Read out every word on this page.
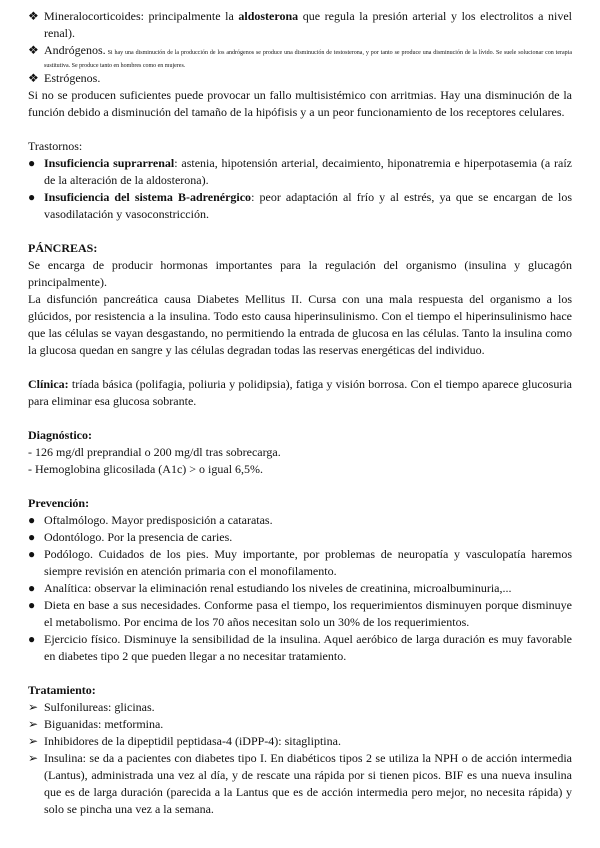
❖ Mineralocorticoides: principalmente la aldosterona que regula la presión arterial y los electrolitos a nivel renal).
❖ Andrógenos. Si hay una disminución de la producción de los andrógenos se produce una disminución de testosterona, y por tanto se produce una disminución de la lívido. Se suele solucionar con terapia sustitutiva. Se produce tanto en hombres como en mujeres.
❖ Estrógenos.

Si no se producen suficientes puede provocar un fallo multisistémico con arritmias. Hay una disminución de la función debido a disminución del tamaño de la hipófisis y a un peor funcionamiento de los receptores celulares.

Trastornos:

● Insuficiencia suprarrenal: astenia, hipotensión arterial, decaimiento, hiponatremia e hiperpotasemia (a raíz de la alteración de la aldosterona).
● Insuficiencia del sistema B-adrenérgico: peor adaptación al frío y al estrés, ya que se encargan de los vasodilatación y vasoconstricción.

PÁNCREAS:

Se encarga de producir hormonas importantes para la regulación del organismo (insulina y glucagón principalmente).

La disfunción pancreática causa Diabetes Mellitus II. Cursa con una mala respuesta del organismo a los glúcidos, por resistencia a la insulina. Todo esto causa hiperinsulinismo. Con el tiempo el hiperinsulinismo hace que las células se vayan desgastando, no permitiendo la entrada de glucosa en las células. Tanto la insulina como la glucosa quedan en sangre y las células degradan todas las reservas energéticas del individuo.

Clínica: tríada básica (polifagia, poliuria y polidipsia), fatiga y visión borrosa. Con el tiempo aparece glucosuria para eliminar esa glucosa sobrante.

Diagnóstico:

- 126 mg/dl preprandial o 200 mg/dl tras sobrecarga.

- Hemoglobina glicosilada (A1c) > o igual 6,5%.

Prevención:

● Oftalmólogo. Mayor predisposición a cataratas.
● Odontólogo. Por la presencia de caries.
● Podólogo. Cuidados de los pies. Muy importante, por problemas de neuropatía y vasculopatía haremos siempre revisión en atención primaria con el monofilamento.
● Analítica: observar la eliminación renal estudiando los niveles de creatinina, microalbuminuria,...
● Dieta en base a sus necesidades. Conforme pasa el tiempo, los requerimientos disminuyen porque disminuye el metabolismo. Por encima de los 70 años necesitan solo un 30% de los requerimientos.
● Ejercicio físico. Disminuye la sensibilidad de la insulina. Aquel aeróbico de larga duración es muy favorable en diabetes tipo 2 que pueden llegar a no necesitar tratamiento.

Tratamiento:

➢ Sulfonilureas: glicinas.
➢ Biguanidas: metformina.
➢ Inhibidores de la dipeptidil peptidasa-4 (iDPP-4): sitagliptina.
➢ Insulina: se da a pacientes con diabetes tipo I. En diabéticos tipos 2 se utiliza la NPH o de acción intermedia (Lantus), administrada una vez al día, y de rescate una rápida por si tienen picos. BIF es una nueva insulina que es de larga duración (parecida a la Lantus que es de acción intermedia pero mejor, no necesita rápida) y solo se pincha una vez a la semana.
